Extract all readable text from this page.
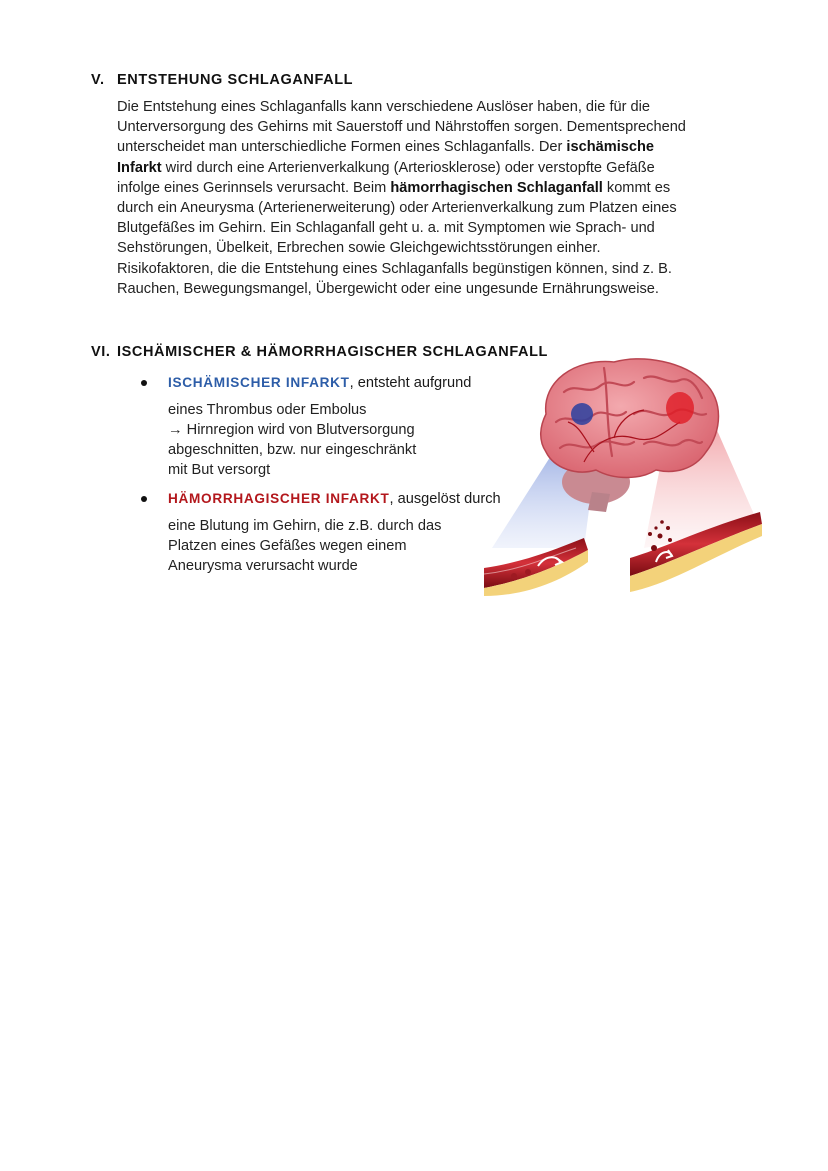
V. ENTSTEHUNG SCHLAGANFALL

Die Entstehung eines Schlaganfalls kann verschiedene Auslöser haben, die für die
Unterversorgung des Gehirns mit Sauerstoff und Nährstoffen sorgen. Dementsprechend
unterscheidet man unterschiedliche Formen eines Schlaganfalls. Der ischämische
Infarkt wird durch eine Arterienverkalkung (Arteriosklerose) oder verstopfte Gefäße
infolge eines Gerinnsels verursacht. Beim hämorrhagischen Schlaganfall kommt es
durch ein Aneurysma (Arterienerweiterung) oder Arterienverkalkung zum Platzen eines
Blutgefäßes im Gehirn. Ein Schlaganfall geht u. a. mit Symptomen wie Sprach- und
Sehstörungen, Übelkeit, Erbrechen sowie Gleichgewichtsstörungen einher.
Risikofaktoren, die die Entstehung eines Schlaganfalls begünstigen können, sind z. B.
Rauchen, Bewegungsmangel, Übergewicht oder eine ungesunde Ernährungsweise.

VI. ISCHÄMISCHER & HÄMORRHAGISCHER SCHLAGANFALL
ISCHÄMISCHER INFARKT, entsteht aufgrund
eines Thrombus oder Embolus
→ Hirnregion wird von Blutversorgung
abgeschnitten, bzw. nur eingeschränkt
mit But versorgt
HÄMORRHAGISCHER INFARKT, ausgelöst durch
eine Blutung im Gehirn, die z.B. durch das
Platzen eines Gefäßes wegen einem
Aneurysma verursacht wurde
